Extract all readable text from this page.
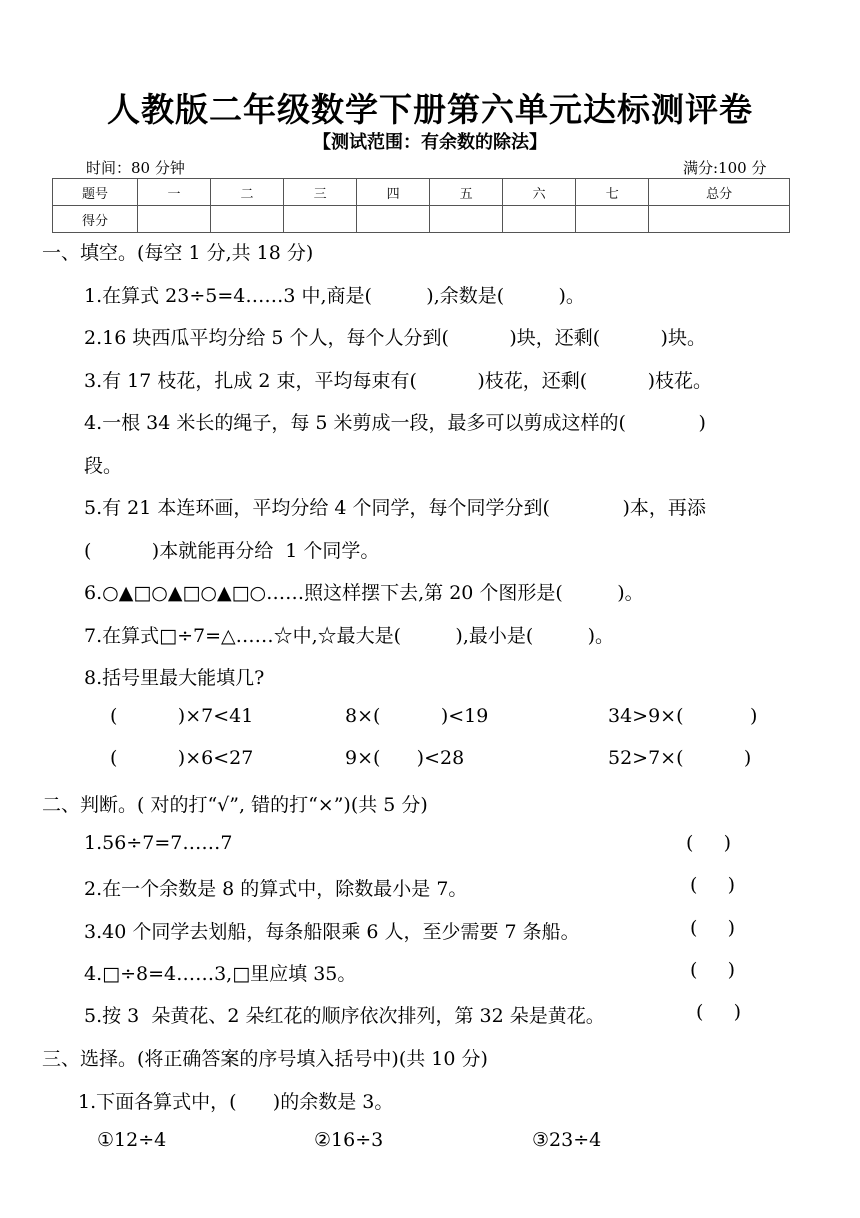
人教版二年级数学下册第六单元达标测评卷
【测试范围：有余数的除法】
时间：80 分钟	满分:100 分
题号	一	二	三	四	五	六	七	总分
得分								
一、填空。(每空 1 分,共 18 分)
1.在算式 23÷5=4……3 中,商是(         ),余数是(         )。
2.16 块西瓜平均分给 5 个人，每个人分到(          )块，还剩(          )块。
3.有 17 枝花，扎成 2 束，平均每束有(          )枝花，还剩(          )枝花。
4.一根 34 米长的绳子，每 5 米剪成一段，最多可以剪成这样的(            )
段。
5.有 21 本连环画，平均分给 4 个同学，每个同学分到(            )本，再添
(          )本就能再分给  1 个同学。
6.○▲□○▲□○▲□○……照这样摆下去,第 20 个图形是(         )。
7.在算式□÷7=△……☆中,☆最大是(         ),最小是(         )。
8.括号里最大能填几?
(          )×7<41	8×(          )<19	34>9×(           )
(          )×6<27	9×(      )<28	52>7×(          )
二、判断。( 对的打“√”, 错的打“×”)(共 5 分)
1.56÷7=7……7	(     )
2.在一个余数是 8 的算式中，除数最小是 7。	(     )
3.40 个同学去划船，每条船限乘 6 人，至少需要 7 条船。	(     )
4.□÷8=4……3,□里应填 35。	(     )
5.按 3  朵黄花、2 朵红花的顺序依次排列，第 32 朵是黄花。	(     )
三、选择。(将正确答案的序号填入括号中)(共 10 分)
1.下面各算式中，(      )的余数是 3。
①12÷4	②16÷3	③23÷4
